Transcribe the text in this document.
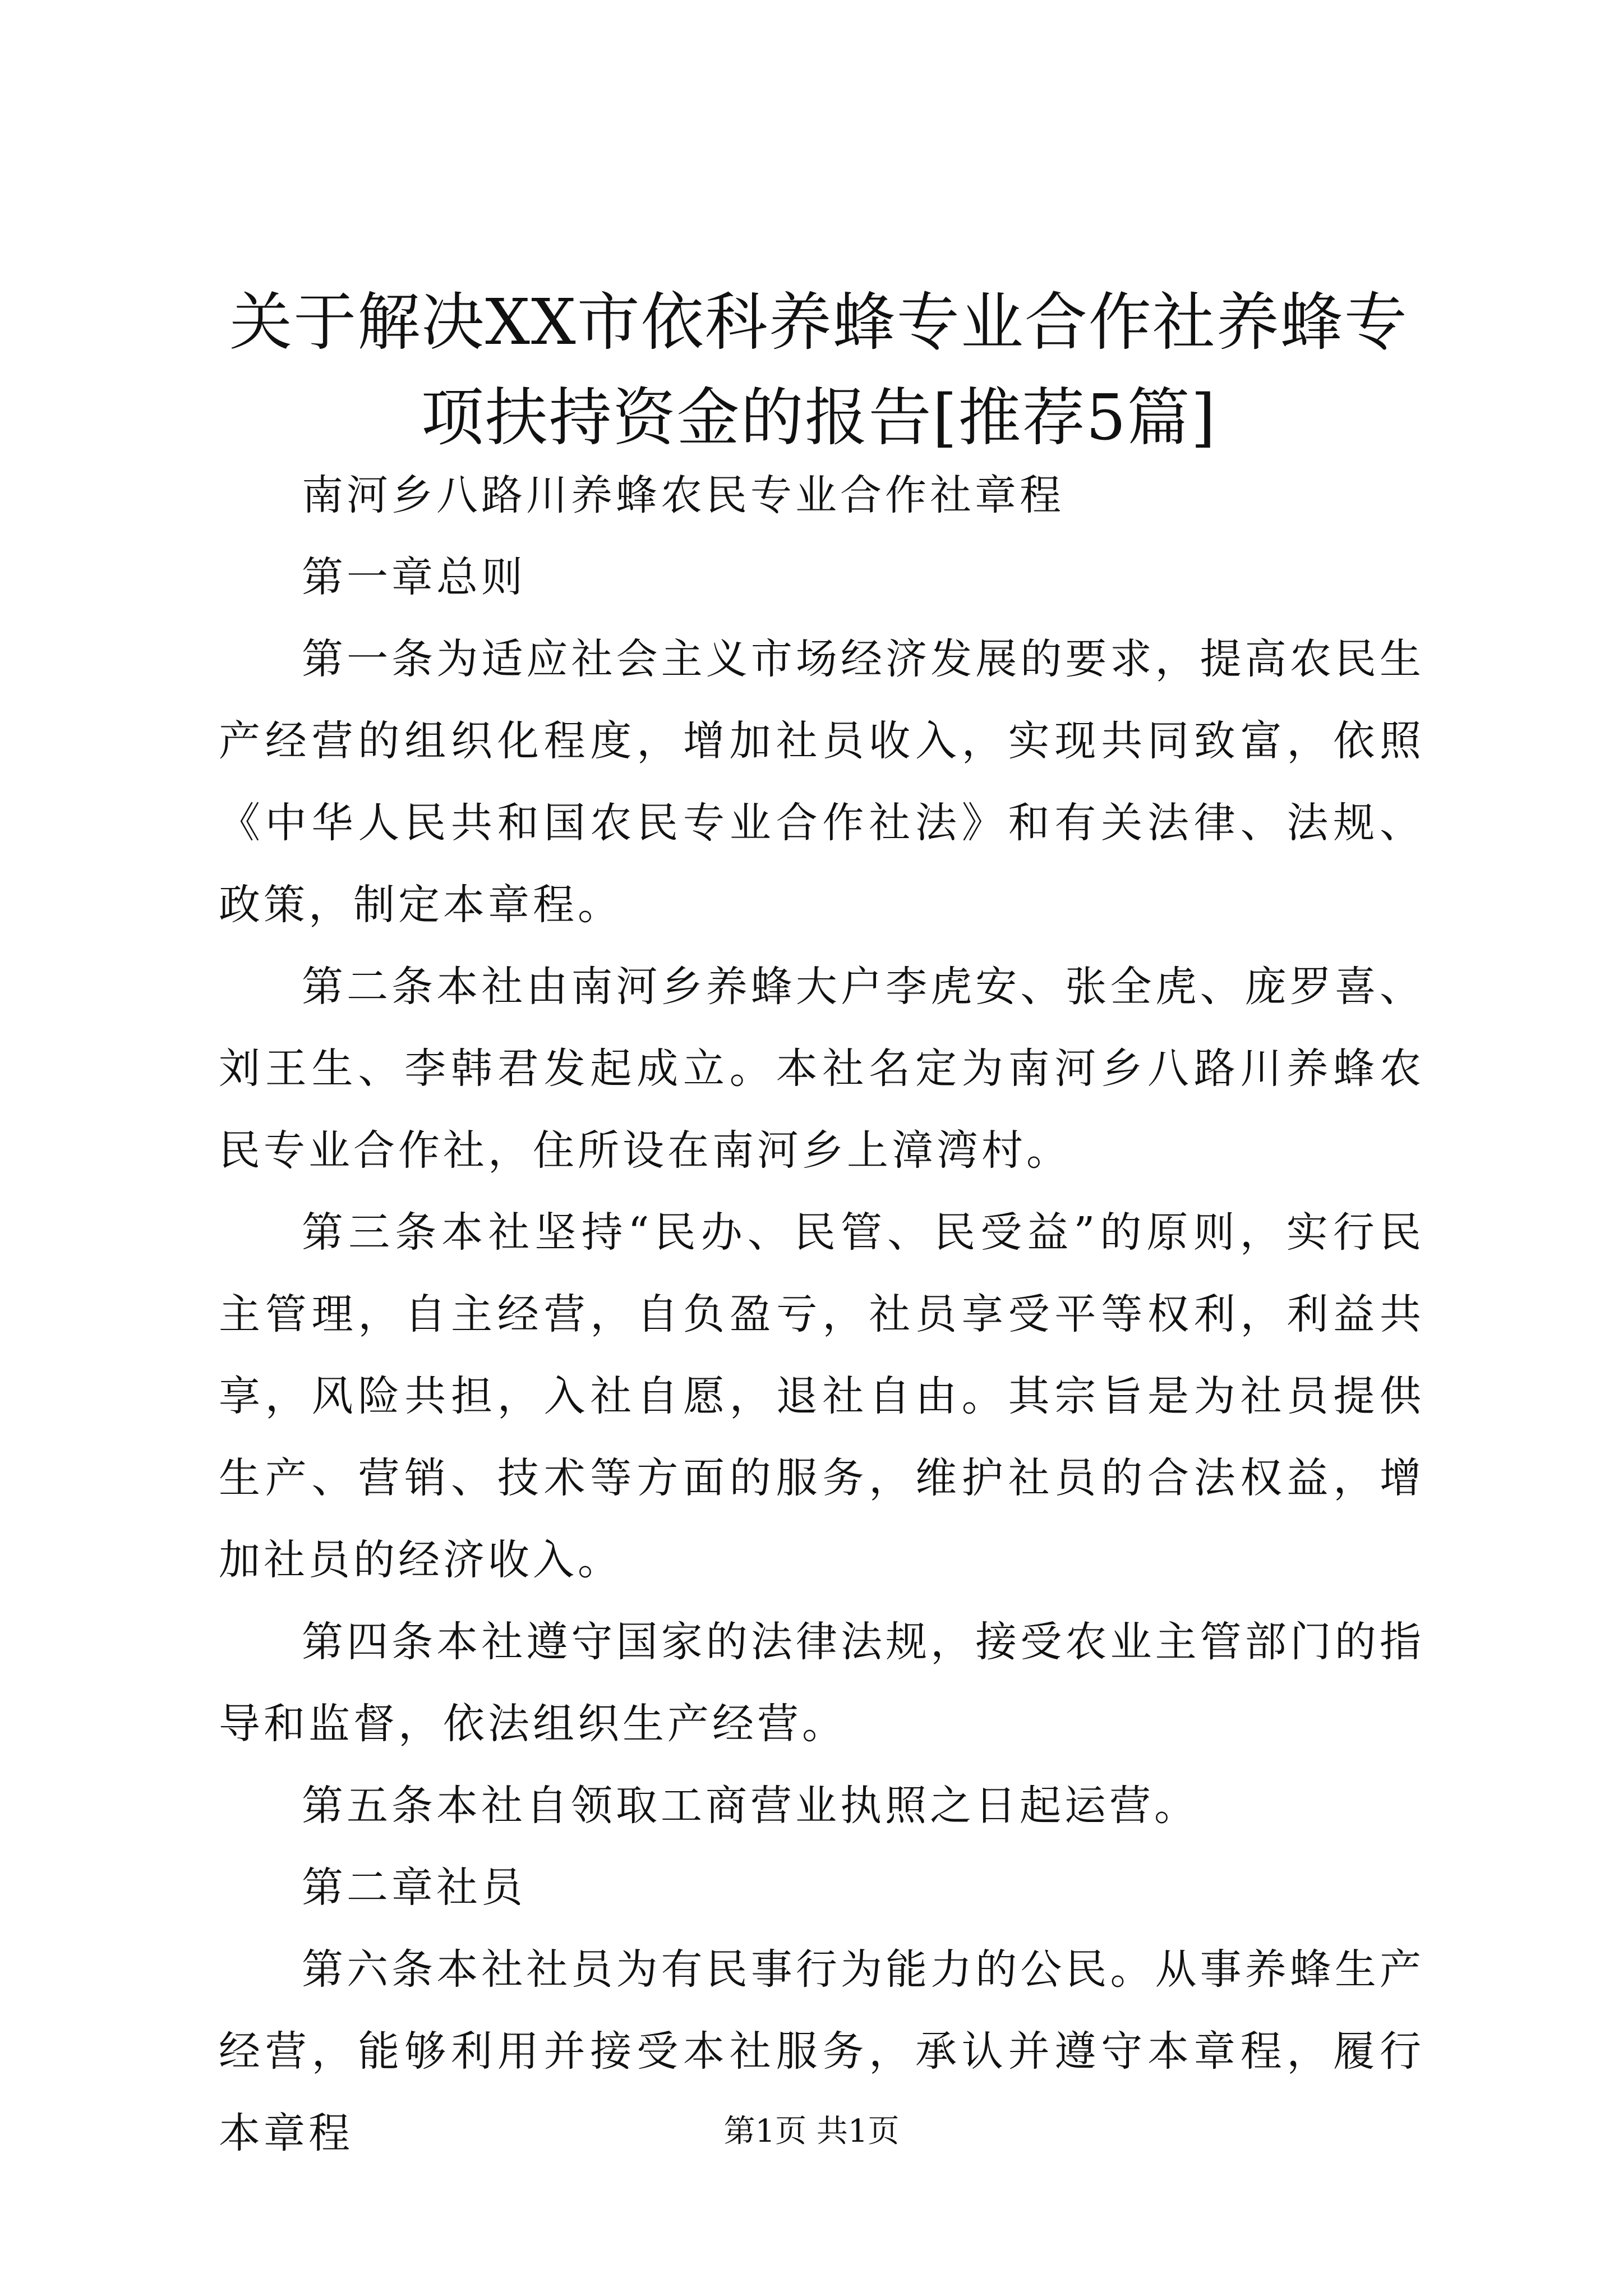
关于解决XX市依科养蜂专业合作社养蜂专项扶持资金的报告[推荐5篇]

南河乡八路川养蜂农民专业合作社章程

第一章总则

第一条为适应社会主义市场经济发展的要求，提高农民生产经营的组织化程度，增加社员收入，实现共同致富，依照《中华人民共和国农民专业合作社法》和有关法律、法规、政策，制定本章程。

第二条本社由南河乡养蜂大户李虎安、张全虎、庞罗喜、刘王生、李韩君发起成立。本社名定为南河乡八路川养蜂农民专业合作社，住所设在南河乡上漳湾村。

第三条本社坚持“民办、民管、民受益”的原则，实行民主管理，自主经营，自负盈亏，社员享受平等权利，利益共享，风险共担，入社自愿，退社自由。其宗旨是为社员提供生产、营销、技术等方面的服务，维护社员的合法权益，增加社员的经济收入。

第四条本社遵守国家的法律法规，接受农业主管部门的指导和监督，依法组织生产经营。

第五条本社自领取工商营业执照之日起运营。

第二章社员

第六条本社社员为有民事行为能力的公民。从事养蜂生产经营，能够利用并接受本社服务，承认并遵守本章程，履行本章程	第1页 共1页
